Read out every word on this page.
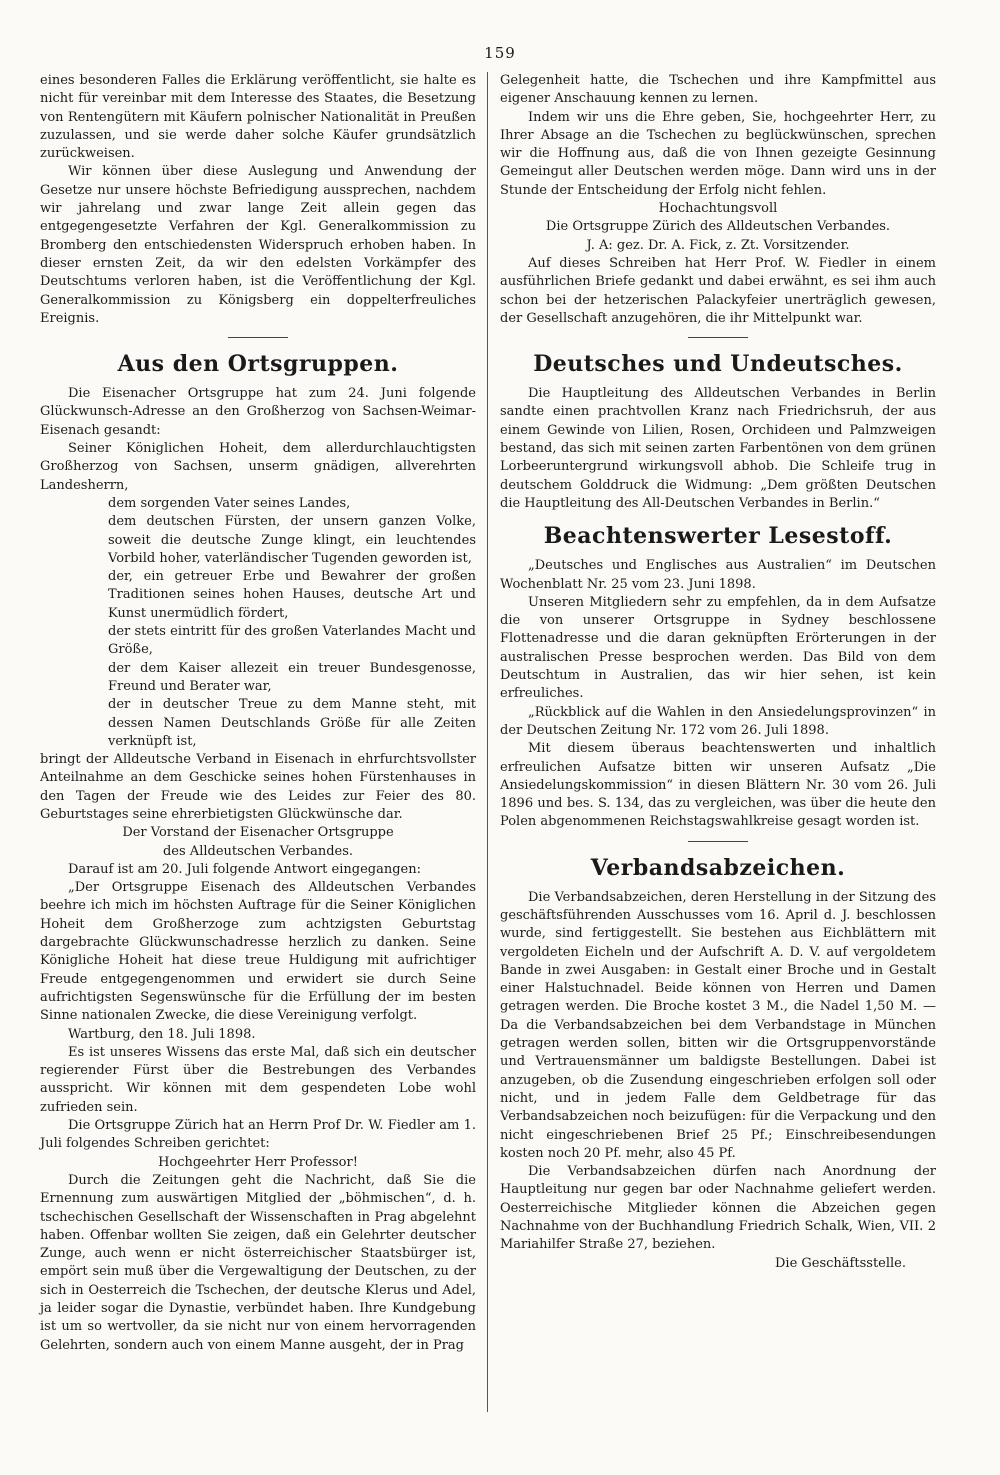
159

eines besonderen Falles die Erklärung veröffentlicht, sie halte es nicht für vereinbar mit dem Interesse des Staates, die Besetzung von Rentengütern mit Käufern polnischer Nationalität in Preußen zuzulassen, und sie werde daher solche Käufer grundsätzlich zurückweisen.

Wir können über diese Auslegung und Anwendung der Gesetze nur unsere höchste Befriedigung aussprechen, nachdem wir jahrelang und zwar lange Zeit allein gegen das entgegengesetzte Verfahren der Kgl. Generalkommission zu Bromberg den entschiedensten Widerspruch erhoben haben. In dieser ernsten Zeit, da wir den edelsten Vorkämpfer des Deutschtums verloren haben, ist die Veröffentlichung der Kgl. Generalkommission zu Königsberg ein doppelterfreuliches Ereignis.

Aus den Ortsgruppen.

Die Eisenacher Ortsgruppe hat zum 24. Juni folgende Glückwunsch-Adresse an den Großherzog von Sachsen-Weimar-Eisenach gesandt:

Seiner Königlichen Hoheit, dem allerdurchlauchtigsten Großherzog von Sachsen, unserm gnädigen, allverehrten Landesherrn,

dem sorgenden Vater seines Landes,

dem deutschen Fürsten, der unsern ganzen Volke, soweit die deutsche Zunge klingt, ein leuchtendes Vorbild hoher, vaterländischer Tugenden geworden ist,

der, ein getreuer Erbe und Bewahrer der großen Traditionen seines hohen Hauses, deutsche Art und Kunst unermüdlich fördert,

der stets eintritt für des großen Vaterlandes Macht und Größe,

der dem Kaiser allezeit ein treuer Bundesgenosse, Freund und Berater war,

der in deutscher Treue zu dem Manne steht, mit dessen Namen Deutschlands Größe für alle Zeiten verknüpft ist,

bringt der Alldeutsche Verband in Eisenach in ehrfurchtsvollster Anteilnahme an dem Geschicke seines hohen Fürstenhauses in den Tagen der Freude wie des Leides zur Feier des 80. Geburtstages seine ehrerbietigsten Glückwünsche dar.

Der Vorstand der Eisenacher Ortsgruppe

des Alldeutschen Verbandes.

Darauf ist am 20. Juli folgende Antwort eingegangen:

„Der Ortsgruppe Eisenach des Alldeutschen Verbandes beehre ich mich im höchsten Auftrage für die Seiner Königlichen Hoheit dem Großherzoge zum achtzigsten Geburtstag dargebrachte Glückwunschadresse herzlich zu danken. Seine Königliche Hoheit hat diese treue Huldigung mit aufrichtiger Freude entgegengenommen und erwidert sie durch Seine aufrichtigsten Segenswünsche für die Erfüllung der im besten Sinne nationalen Zwecke, die diese Vereinigung verfolgt.

Wartburg, den 18. Juli 1898.

Es ist unseres Wissens das erste Mal, daß sich ein deutscher regierender Fürst über die Bestrebungen des Verbandes ausspricht. Wir können mit dem gespendeten Lobe wohl zufrieden sein.

Die Ortsgruppe Zürich hat an Herrn Prof Dr. W. Fiedler am 1. Juli folgendes Schreiben gerichtet:

Hochgeehrter Herr Professor!

Durch die Zeitungen geht die Nachricht, daß Sie die Ernennung zum auswärtigen Mitglied der „böhmischen“, d. h. tschechischen Gesellschaft der Wissenschaften in Prag abgelehnt haben. Offenbar wollten Sie zeigen, daß ein Gelehrter deutscher Zunge, auch wenn er nicht österreichischer Staatsbürger ist, empört sein muß über die Vergewaltigung der Deutschen, zu der sich in Oesterreich die Tschechen, der deutsche Klerus und Adel, ja leider sogar die Dynastie, verbündet haben. Ihre Kundgebung ist um so wertvoller, da sie nicht nur von einem hervorragenden Gelehrten, sondern auch von einem Manne ausgeht, der in Prag

Gelegenheit hatte, die Tschechen und ihre Kampfmittel aus eigener Anschauung kennen zu lernen.

Indem wir uns die Ehre geben, Sie, hochgeehrter Herr, zu Ihrer Absage an die Tschechen zu beglückwünschen, sprechen wir die Hoffnung aus, daß die von Ihnen gezeigte Gesinnung Gemeingut aller Deutschen werden möge. Dann wird uns in der Stunde der Entscheidung der Erfolg nicht fehlen.

Hochachtungsvoll

Die Ortsgruppe Zürich des Alldeutschen Verbandes.

J. A: gez. Dr. A. Fick, z. Zt. Vorsitzender.

Auf dieses Schreiben hat Herr Prof. W. Fiedler in einem ausführlichen Briefe gedankt und dabei erwähnt, es sei ihm auch schon bei der hetzerischen Palackyfeier unerträglich gewesen, der Gesellschaft anzugehören, die ihr Mittelpunkt war.

Deutsches und Undeutsches.

Die Hauptleitung des Alldeutschen Verbandes in Berlin sandte einen prachtvollen Kranz nach Friedrichsruh, der aus einem Gewinde von Lilien, Rosen, Orchideen und Palmzweigen bestand, das sich mit seinen zarten Farbentönen von dem grünen Lorbeeruntergrund wirkungsvoll abhob. Die Schleife trug in deutschem Golddruck die Widmung: „Dem größten Deutschen die Hauptleitung des All-Deutschen Verbandes in Berlin.“

Beachtenswerter Lesestoff.

„Deutsches und Englisches aus Australien“ im Deutschen Wochenblatt Nr. 25 vom 23. Juni 1898.

Unseren Mitgliedern sehr zu empfehlen, da in dem Aufsatze die von unserer Ortsgruppe in Sydney beschlossene Flottenadresse und die daran geknüpften Erörterungen in der australischen Presse besprochen werden. Das Bild von dem Deutschtum in Australien, das wir hier sehen, ist kein erfreuliches.

„Rückblick auf die Wahlen in den Ansiedelungsprovinzen“ in der Deutschen Zeitung Nr. 172 vom 26. Juli 1898.

Mit diesem überaus beachtenswerten und inhaltlich erfreulichen Aufsatze bitten wir unseren Aufsatz „Die Ansiedelungskommission“ in diesen Blättern Nr. 30 vom 26. Juli 1896 und bes. S. 134, das zu vergleichen, was über die heute den Polen abgenommenen Reichstagswahlkreise gesagt worden ist.

Verbandsabzeichen.

Die Verbandsabzeichen, deren Herstellung in der Sitzung des geschäftsführenden Ausschusses vom 16. April d. J. beschlossen wurde, sind fertiggestellt. Sie bestehen aus Eichblättern mit vergoldeten Eicheln und der Aufschrift A. D. V. auf vergoldetem Bande in zwei Ausgaben: in Gestalt einer Broche und in Gestalt einer Halstuchnadel. Beide können von Herren und Damen getragen werden. Die Broche kostet 3 M., die Nadel 1,50 M. — Da die Verbandsabzeichen bei dem Verbandstage in München getragen werden sollen, bitten wir die Ortsgruppenvorstände und Vertrauensmänner um baldigste Bestellungen. Dabei ist anzugeben, ob die Zusendung eingeschrieben erfolgen soll oder nicht, und in jedem Falle dem Geldbetrage für das Verbandsabzeichen noch beizufügen: für die Verpackung und den nicht eingeschriebenen Brief 25 Pf.; Einschreibesendungen kosten noch 20 Pf. mehr, also 45 Pf.

Die Verbandsabzeichen dürfen nach Anordnung der Hauptleitung nur gegen bar oder Nachnahme geliefert werden. Oesterreichische Mitglieder können die Abzeichen gegen Nachnahme von der Buchhandlung Friedrich Schalk, Wien, VII. 2 Mariahilfer Straße 27, beziehen.

Die Geschäftsstelle.
